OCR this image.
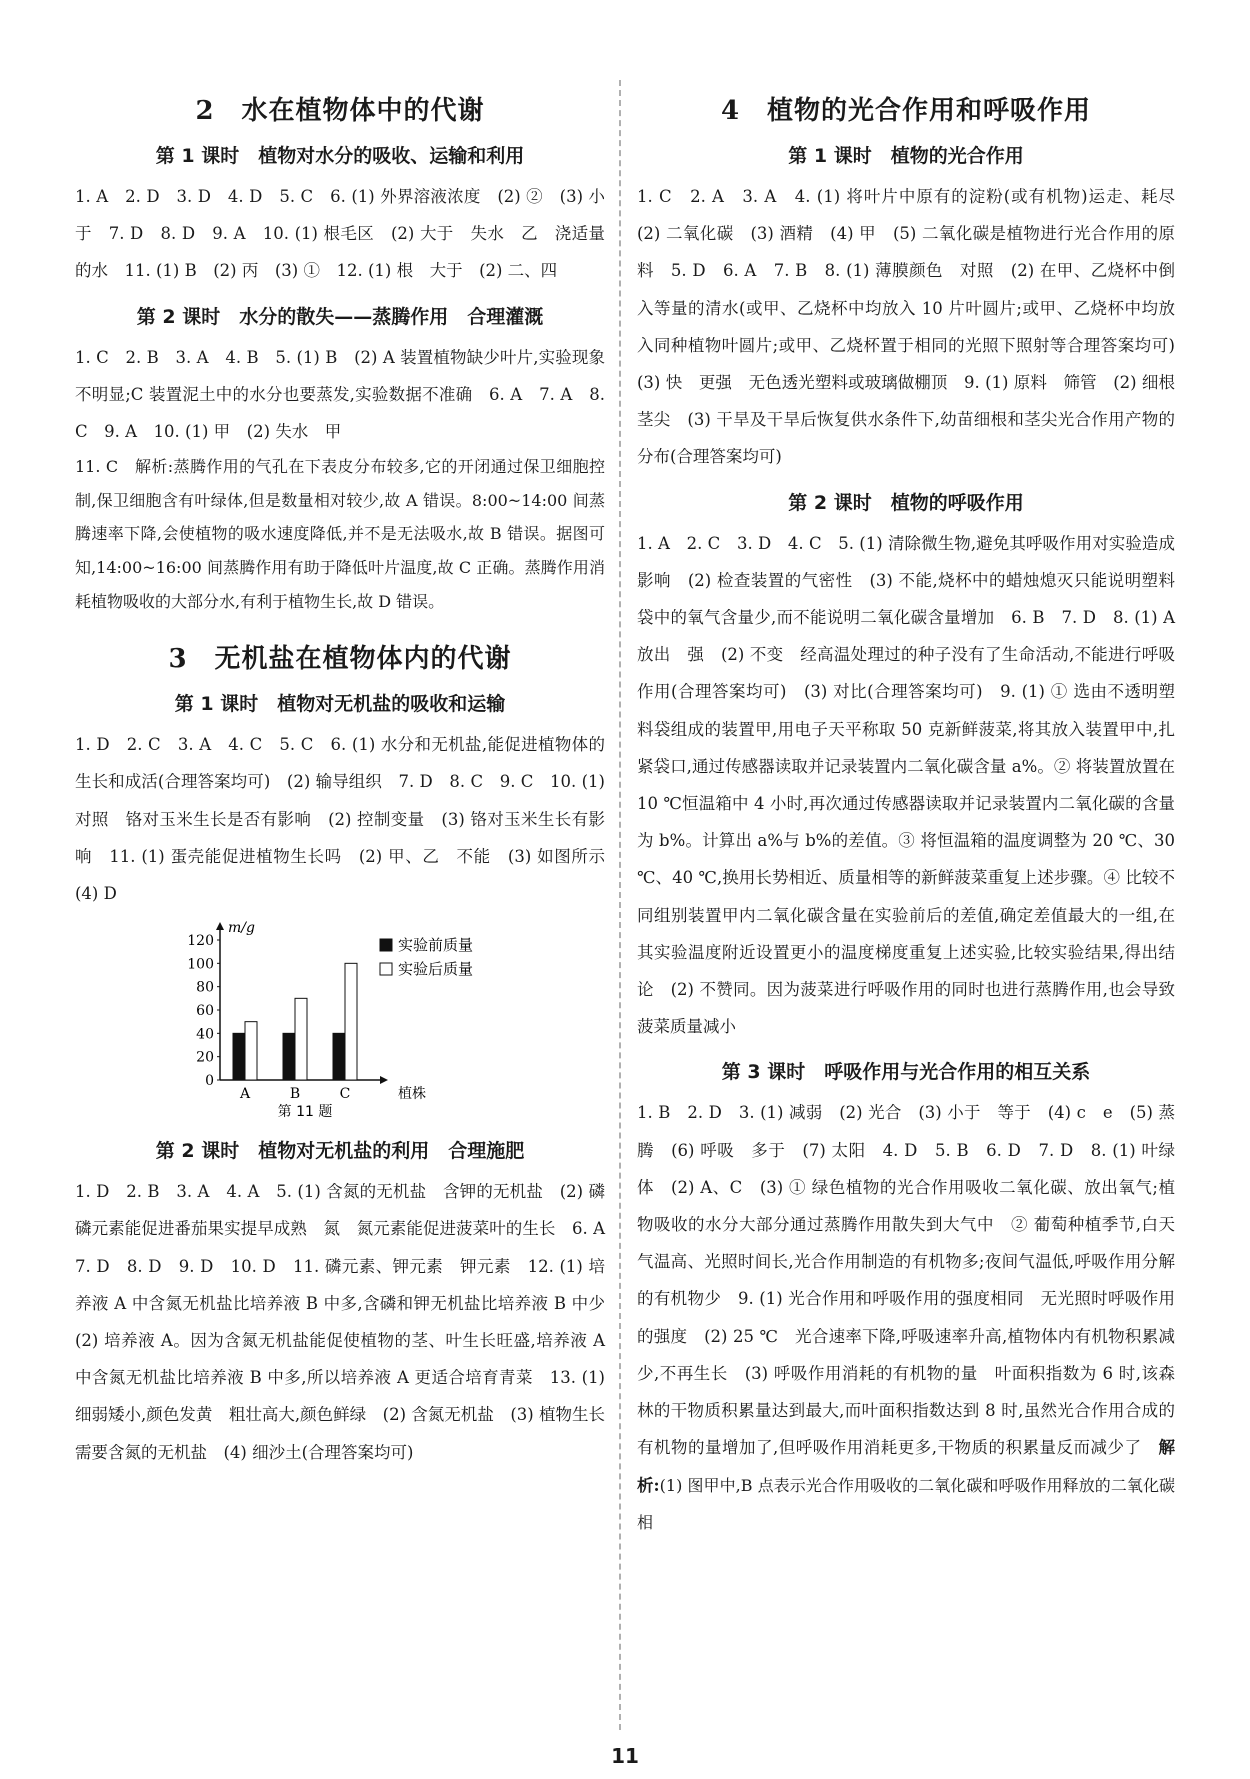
2　水在植物体中的代谢
第 1 课时　植物对水分的吸收、运输和利用

1. A　2. D　3. D　4. D　5. C　6. (1) 外界溶液浓度　(2) ②　(3) 小于　7. D　8. D　9. A　10. (1) 根毛区　(2) 大于　失水　乙　浇适量的水　11. (1) B　(2) 丙　(3) ①　12. (1) 根　大于　(2) 二、四

第 2 课时　水分的散失——蒸腾作用　合理灌溉

1. C　2. B　3. A　4. B　5. (1) B　(2) A 装置植物缺少叶片,实验现象不明显;C 装置泥土中的水分也要蒸发,实验数据不准确　6. A　7. A　8. C　9. A　10. (1) 甲　(2) 失水　甲

11. C　解析:蒸腾作用的气孔在下表皮分布较多,它的开闭通过保卫细胞控制,保卫细胞含有叶绿体,但是数量相对较少,故 A 错误。8:00~14:00 间蒸腾速率下降,会使植物的吸水速度降低,并不是无法吸水,故 B 错误。据图可知,14:00~16:00 间蒸腾作用有助于降低叶片温度,故 C 正确。蒸腾作用消耗植物吸收的大部分水,有利于植物生长,故 D 错误。

3　无机盐在植物体内的代谢
第 1 课时　植物对无机盐的吸收和运输

1. D　2. C　3. A　4. C　5. C　6. (1) 水分和无机盐,能促进植物体的生长和成活(合理答案均可)　(2) 输导组织　7. D　8. C　9. C　10. (1) 对照　铬对玉米生长是否有影响　(2) 控制变量　(3) 铬对玉米生长有影响　11. (1) 蛋壳能促进植物生长吗　(2) 甲、乙　不能　(3) 如图所示　(4) D

0
20
40
60
80
100
120
m/g
植株
A	B	C
实验前质量
实验后质量
第 11 题
第 2 课时　植物对无机盐的利用　合理施肥

1. D　2. B　3. A　4. A　5. (1) 含氮的无机盐　含钾的无机盐　(2) 磷　磷元素能促进番茄果实提早成熟　氮　氮元素能促进菠菜叶的生长　6. A　7. D　8. D　9. D　10. D　11. 磷元素、钾元素　钾元素　12. (1) 培养液 A 中含氮无机盐比培养液 B 中多,含磷和钾无机盐比培养液 B 中少　(2) 培养液 A。因为含氮无机盐能促使植物的茎、叶生长旺盛,培养液 A 中含氮无机盐比培养液 B 中多,所以培养液 A 更适合培育青菜　13. (1) 细弱矮小,颜色发黄　粗壮高大,颜色鲜绿　(2) 含氮无机盐　(3) 植物生长需要含氮的无机盐　(4) 细沙土(合理答案均可)

4　植物的光合作用和呼吸作用
第 1 课时　植物的光合作用

1. C　2. A　3. A　4. (1) 将叶片中原有的淀粉(或有机物)运走、耗尽　(2) 二氧化碳　(3) 酒精　(4) 甲　(5) 二氧化碳是植物进行光合作用的原料　5. D　6. A　7. B　8. (1) 薄膜颜色　对照　(2) 在甲、乙烧杯中倒入等量的清水(或甲、乙烧杯中均放入 10 片叶圆片;或甲、乙烧杯中均放入同种植物叶圆片;或甲、乙烧杯置于相同的光照下照射等合理答案均可)　(3) 快　更强　无色透光塑料或玻璃做棚顶　9. (1) 原料　筛管　(2) 细根　茎尖　(3) 干旱及干旱后恢复供水条件下,幼苗细根和茎尖光合作用产物的分布(合理答案均可)

第 2 课时　植物的呼吸作用

1. A　2. C　3. D　4. C　5. (1) 清除微生物,避免其呼吸作用对实验造成影响　(2) 检查装置的气密性　(3) 不能,烧杯中的蜡烛熄灭只能说明塑料袋中的氧气含量少,而不能说明二氧化碳含量增加　6. B　7. D　8. (1) A　放出　强　(2) 不变　经高温处理过的种子没有了生命活动,不能进行呼吸作用(合理答案均可)　(3) 对比(合理答案均可)　9. (1) ① 选由不透明塑料袋组成的装置甲,用电子天平称取 50 克新鲜菠菜,将其放入装置甲中,扎紧袋口,通过传感器读取并记录装置内二氧化碳含量 a%。② 将装置放置在 10 ℃恒温箱中 4 小时,再次通过传感器读取并记录装置内二氧化碳的含量为 b%。计算出 a%与 b%的差值。③ 将恒温箱的温度调整为 20 ℃、30 ℃、40 ℃,换用长势相近、质量相等的新鲜菠菜重复上述步骤。④ 比较不同组别装置甲内二氧化碳含量在实验前后的差值,确定差值最大的一组,在其实验温度附近设置更小的温度梯度重复上述实验,比较实验结果,得出结论　(2) 不赞同。因为菠菜进行呼吸作用的同时也进行蒸腾作用,也会导致菠菜质量减小

第 3 课时　呼吸作用与光合作用的相互关系

1. B　2. D　3. (1) 减弱　(2) 光合　(3) 小于　等于　(4) c　e　(5) 蒸腾　(6) 呼吸　多于　(7) 太阳　4. D　5. B　6. D　7. D　8. (1) 叶绿体　(2) A、C　(3) ① 绿色植物的光合作用吸收二氧化碳、放出氧气;植物吸收的水分大部分通过蒸腾作用散失到大气中　② 葡萄种植季节,白天气温高、光照时间长,光合作用制造的有机物多;夜间气温低,呼吸作用分解的有机物少　9. (1) 光合作用和呼吸作用的强度相同　无光照时呼吸作用的强度　(2) 25 ℃　光合速率下降,呼吸速率升高,植物体内有机物积累减少,不再生长　(3) 呼吸作用消耗的有机物的量　叶面积指数为 6 时,该森林的干物质积累量达到最大,而叶面积指数达到 8 时,虽然光合作用合成的有机物的量增加了,但呼吸作用消耗更多,干物质的积累量反而减少了　解析:(1) 图甲中,B 点表示光合作用吸收的二氧化碳和呼吸作用释放的二氧化碳相

11
